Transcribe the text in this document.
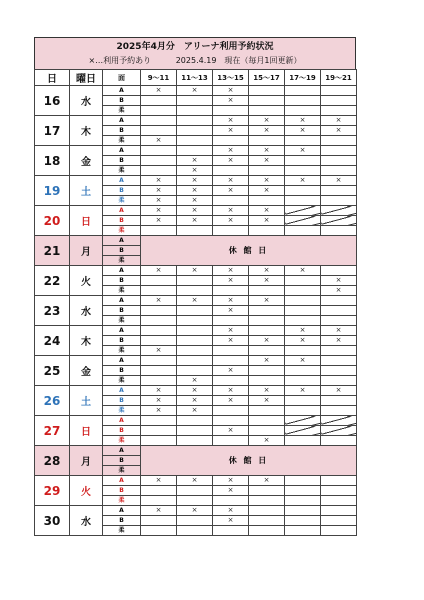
2025年4月分　アリーナ利用予約状況
×…利用予約あり	2025.4.19　現在（毎月1回更新）
日	曜日	面	9～11	11～13	13～15	15～17	17～19	19～21
16	水	A	×	×	×			
		B			×			
		柔						
17	木	A			×	×	×	×
		B			×	×	×	×
		柔	×					
18	金	A			×	×	×	
		B		×	×	×		
		柔		×				
19	土	A	×	×	×	×	×	×
		B	×	×	×	×		
		柔	×	×				
20	日	A	×	×	×	×		
		B	×	×	×	×		
		柔						
21	月	A	休 館 日					
		B						
		柔						
22	火	A	×	×	×	×	×	
		B			×	×		×
		柔						×
23	水	A	×	×	×	×		
		B			×			
		柔						
24	木	A			×		×	×
		B			×	×	×	×
		柔	×					
25	金	A				×	×	
		B			×			
		柔		×				
26	土	A	×	×	×	×	×	×
		B	×	×	×	×		
		柔	×	×				
27	日	A						
		B			×			
		柔				×		
28	月	A	休 館 日					
		B						
		柔						
29	火	A	×	×	×	×		
		B			×			
		柔						
30	水	A	×	×	×			
		B			×			
		柔						
